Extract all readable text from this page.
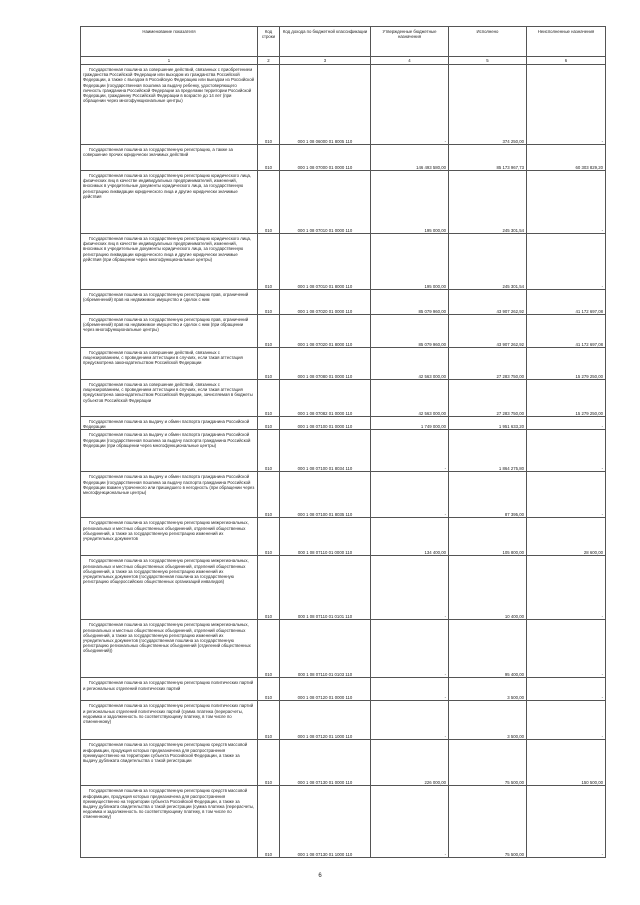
Наименование показателя	Код строки	Код дохода по бюджетной классификации	Утвержденные бюджетные назначения	Исполнено	Неисполненные назначения
1	2	3	4	5	6
Государственная пошлина за совершение действий, связанных с приобретением гражданства Российской Федерации или выходом из гражданства Российской Федерации, а также с въездом в Российскую Федерацию или выездом из Российской Федерации (государственная пошлина за выдачу ребенку, удостоверяющего личность гражданина Российской Федерации за пределами территории Российской Федерации, гражданину Российской Федерации в возрасте до 14 лет (при обращении через многофункциональные центры)	010	000 1 08 06000 01 8005 110	-	374 250,00	-
Государственная пошлина за государственную регистрацию, а также за совершение прочих юридически значимых действий	010	000 1 08 07000 01 0000 110	146 493 580,00	85 173 967,73	60 303 829,20
Государственная пошлина за государственную регистрацию юридического лица, физических лиц в качестве индивидуальных предпринимателей, изменений, вносимых в учредительные документы юридического лица, за государственную регистрацию ликвидации юридического лица и другие юридически значимые действия	010	000 1 08 07010 01 0000 110	195 000,00	245 301,54	-
Государственная пошлина за государственную регистрацию юридического лица, физических лиц в качестве индивидуальных предпринимателей, изменений, вносимых в учредительные документы юридического лица, за государственную регистрацию ликвидации юридического лица и другие юридически значимые действия (при обращении через многофункциональные центры)	010	000 1 08 07010 01 8000 110	195 000,00	245 301,54	-
Государственная пошлина за государственную регистрацию прав, ограничений (обременений) прав на недвижимое имущество и сделок с ним	010	000 1 08 07020 01 0000 110	85 079 960,00	43 907 262,92	41 172 697,08
Государственная пошлина за государственную регистрацию прав, ограничений (обременений) прав на недвижимое имущество и сделок с ним (при обращении через многофункциональные центры)	010	000 1 08 07020 01 8000 110	85 079 960,00	43 907 262,92	41 172 697,08
Государственная пошлина за совершение действий, связанных с лицензированием, с проведением аттестации в случаях, если такая аттестация предусмотрена законодательством Российской Федерации	010	000 1 08 07080 01 0000 110	42 563 000,00	27 283 750,00	15 279 250,00
Государственная пошлина за совершение действий, связанных с лицензированием, с проведением аттестации в случаях, если такая аттестация предусмотрена законодательством Российской Федерации, зачисляемая в бюджеты субъектов Российской Федерации	010	000 1 08 07082 01 0000 110	42 563 000,00	27 283 750,00	15 279 250,00
Государственная пошлина за выдачу и обмен паспорта гражданина Российской Федерации	010	000 1 08 07100 01 0000 110	1 749 000,00	1 951 633,20	-
Государственная пошлина за выдачу и обмен паспорта гражданина Российской Федерации (государственная пошлина за выдачу паспорта гражданина Российской Федерации (при обращении через многофункциональные центры)	010	000 1 08 07100 01 8034 110	-	1 864 275,80	-
Государственная пошлина за выдачу и обмен паспорта гражданина Российской Федерации (государственная пошлина за выдачу паспорта гражданина Российской Федерации взамен утраченного или пришедшего в негодность (при обращении через многофункциональные центры)	010	000 1 08 07100 01 8035 110	-	87 395,00	-
Государственная пошлина за государственную регистрацию межрегиональных, региональных и местных общественных объединений, отделений общественных объединений, а также за государственную регистрацию изменений их учредительных документов	010	000 1 08 07110 01 0000 110	134 400,00	105 800,00	28 600,00
Государственная пошлина за государственную регистрацию межрегиональных, региональных и местных общественных объединений, отделений общественных объединений, а также за государственную регистрацию изменений их учредительных документов (государственная пошлина за государственную регистрацию общероссийских общественных организаций инвалидов)	010	000 1 08 07110 01 0101 110	-	10 400,00	-
Государственная пошлина за государственную регистрацию межрегиональных, региональных и местных общественных объединений, отделений общественных объединений, а также за государственную регистрацию изменений их учредительных документов (государственная пошлина за государственную регистрацию региональных общественных объединений (отделений общественных объединений))	010	000 1 08 07110 01 0103 110	-	95 400,00	-
Государственная пошлина за государственную регистрацию политических партий и региональных отделений политических партий	010	000 1 08 07120 01 0000 110	-	3 500,00	-
Государственная пошлина за государственную регистрацию политических партий и региональных отделений политических партий (сумма платежа (перерасчеты, недоимка и задолженность по соответствующему платежу, в том числе по отмененному)	010	000 1 08 07120 01 1000 110	-	3 500,00	-
Государственная пошлина за государственную регистрацию средств массовой информации, продукция которых предназначена для распространения преимущественно на территории субъекта Российской Федерации, а также за выдачу дубликата свидетельства о такой регистрации	010	000 1 08 07130 01 0000 110	226 000,00	75 500,00	150 500,00
Государственная пошлина за государственную регистрацию средств массовой информации, продукция которых предназначена для распространения преимущественно на территории субъекта Российской Федерации, а также за выдачу дубликата свидетельства о такой регистрации (сумма платежа (перерасчеты, недоимка и задолженность по соответствующему платежу, в том числе по отмененному)	010	000 1 08 07130 01 1000 110	-	75 500,00	-
6
